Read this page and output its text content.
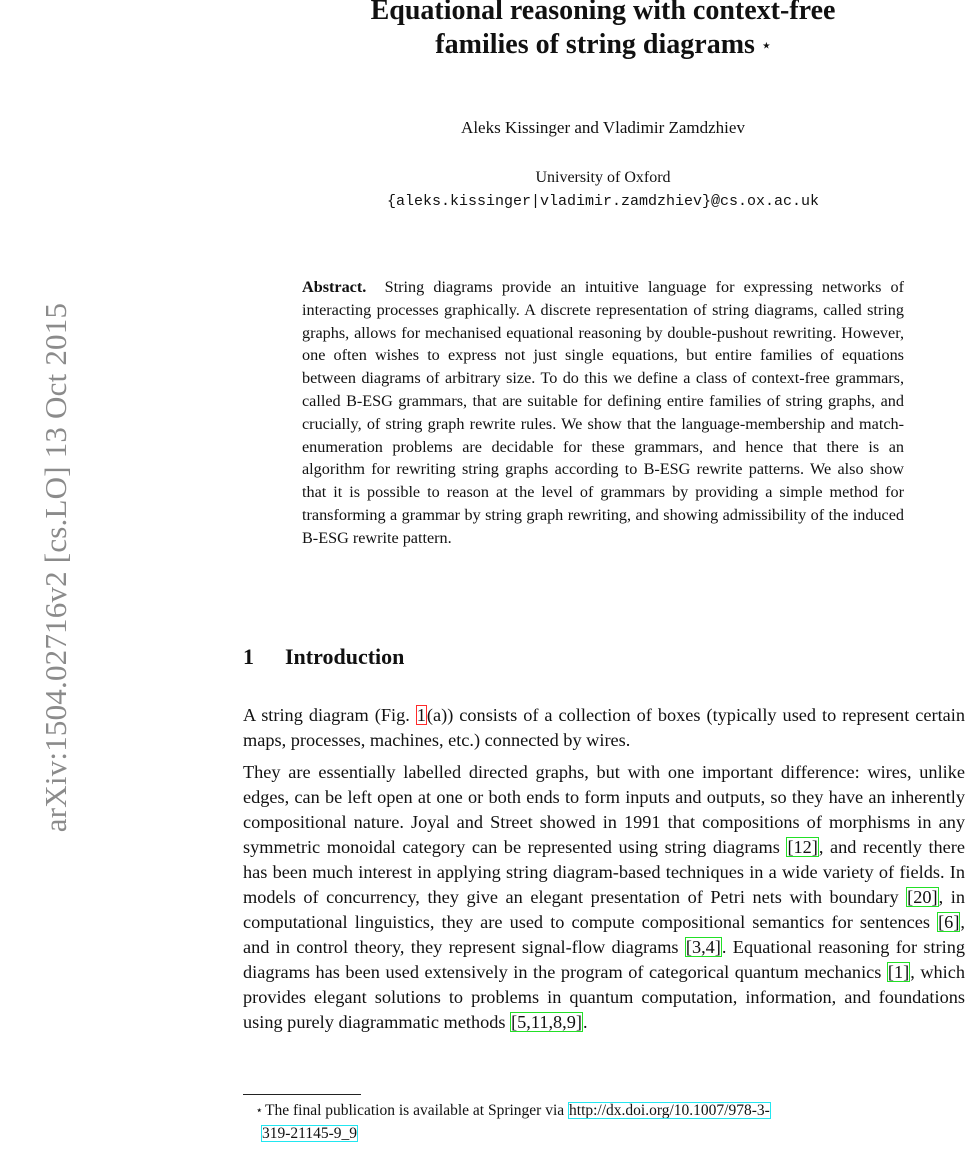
arXiv:1504.02716v2 [cs.LO] 13 Oct 2015
Equational reasoning with context-free
families of string diagrams ⋆
Aleks Kissinger and Vladimir Zamdzhiev
University of Oxford
{aleks.kissinger|vladimir.zamdzhiev}@cs.ox.ac.uk
Abstract. String diagrams provide an intuitive language for expressing networks of interacting processes graphically. A discrete representation of string diagrams, called string graphs, allows for mechanised equational reasoning by double-pushout rewriting. However, one often wishes to express not just single equations, but entire families of equations between diagrams of arbitrary size. To do this we define a class of context-free grammars, called B-ESG grammars, that are suitable for defining entire families of string graphs, and crucially, of string graph rewrite rules. We show that the language-membership and match-enumeration problems are decidable for these grammars, and hence that there is an algorithm for rewriting string graphs according to B-ESG rewrite patterns. We also show that it is possible to reason at the level of grammars by providing a simple method for transforming a grammar by string graph rewriting, and showing admissibility of the induced B-ESG rewrite pattern.
1 Introduction
A string diagram (Fig. 1(a)) consists of a collection of boxes (typically used to represent certain maps, processes, machines, etc.) connected by wires.
They are essentially labelled directed graphs, but with one important difference: wires, unlike edges, can be left open at one or both ends to form inputs and outputs, so they have an inherently compositional nature. Joyal and Street showed in 1991 that compositions of morphisms in any symmetric monoidal category can be represented using string diagrams [12], and recently there has been much interest in applying string diagram-based techniques in a wide variety of fields. In models of concurrency, they give an elegant presentation of Petri nets with boundary [20], in computational linguistics, they are used to compute compositional semantics for sentences [6], and in control theory, they represent signal-flow diagrams [3,4]. Equational reasoning for string diagrams has been used extensively in the program of categorical quantum mechanics [1], which provides elegant solutions to problems in quantum computation, information, and foundations using purely diagrammatic methods [5,11,8,9].
⋆ The final publication is available at Springer via http://dx.doi.org/10.1007/978-3-
319-21145-9_9
